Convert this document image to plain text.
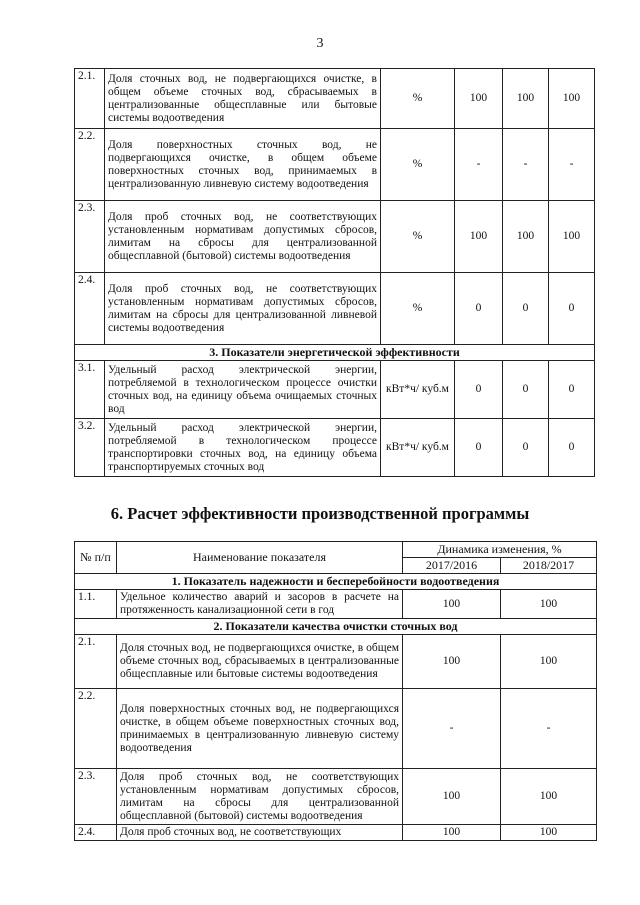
3
2.1.	Доля сточных вод, не подвергающихся очистке, в общем объеме сточных вод, сбрасываемых в централизованные общесплавные или бытовые системы водоотведения	%	100	100	100
2.2.	Доля поверхностных сточных вод, не подвергающихся очистке, в общем объеме поверхностных сточных вод, принимаемых в централизованную ливневую систему водоотведения	%	-	-	-
2.3.	Доля проб сточных вод, не соответствующих установленным нормативам допустимых сбросов, лимитам на сбросы для централизованной общесплавной (бытовой) системы водоотведения	%	100	100	100
2.4.	Доля проб сточных вод, не соответствующих установленным нормативам допустимых сбросов, лимитам на сбросы для централизованной ливневой системы водоотведения	%	0	0	0
3. Показатели энергетической эффективности					
3.1.	Удельный расход электрической энергии, потребляемой в технологическом процессе очистки сточных вод, на единицу объема очищаемых сточных вод	кВт*ч/ куб.м	0	0	0
3.2.	Удельный расход электрической энергии, потребляемой в технологическом процессе транспортировки сточных вод, на единицу объема транспортируемых сточных вод	кВт*ч/ куб.м	0	0	0
6. Расчет эффективности производственной программы
№ п/п	Наименование показателя	Динамика изменения, %	
		2017/2016	2018/2017
1. Показатель надежности и бесперебойности водоотведения			
1.1.	Удельное количество аварий и засоров в расчете на протяженность канализационной сети в год	100	100
2. Показатели качества очистки сточных вод			
2.1.	Доля сточных вод, не подвергающихся очистке, в общем объеме сточных вод, сбрасываемых в централизованные общесплавные или бытовые системы водоотведения	100	100
2.2.	Доля поверхностных сточных вод, не подвергающихся очистке, в общем объеме поверхностных сточных вод, принимаемых в централизованную ливневую систему водоотведения	-	-
2.3.	Доля проб сточных вод, не соответствующих установленным нормативам допустимых сбросов, лимитам на сбросы для централизованной общесплавной (бытовой) системы водоотведения	100	100
2.4.	Доля проб сточных вод, не соответствующих	100	100
